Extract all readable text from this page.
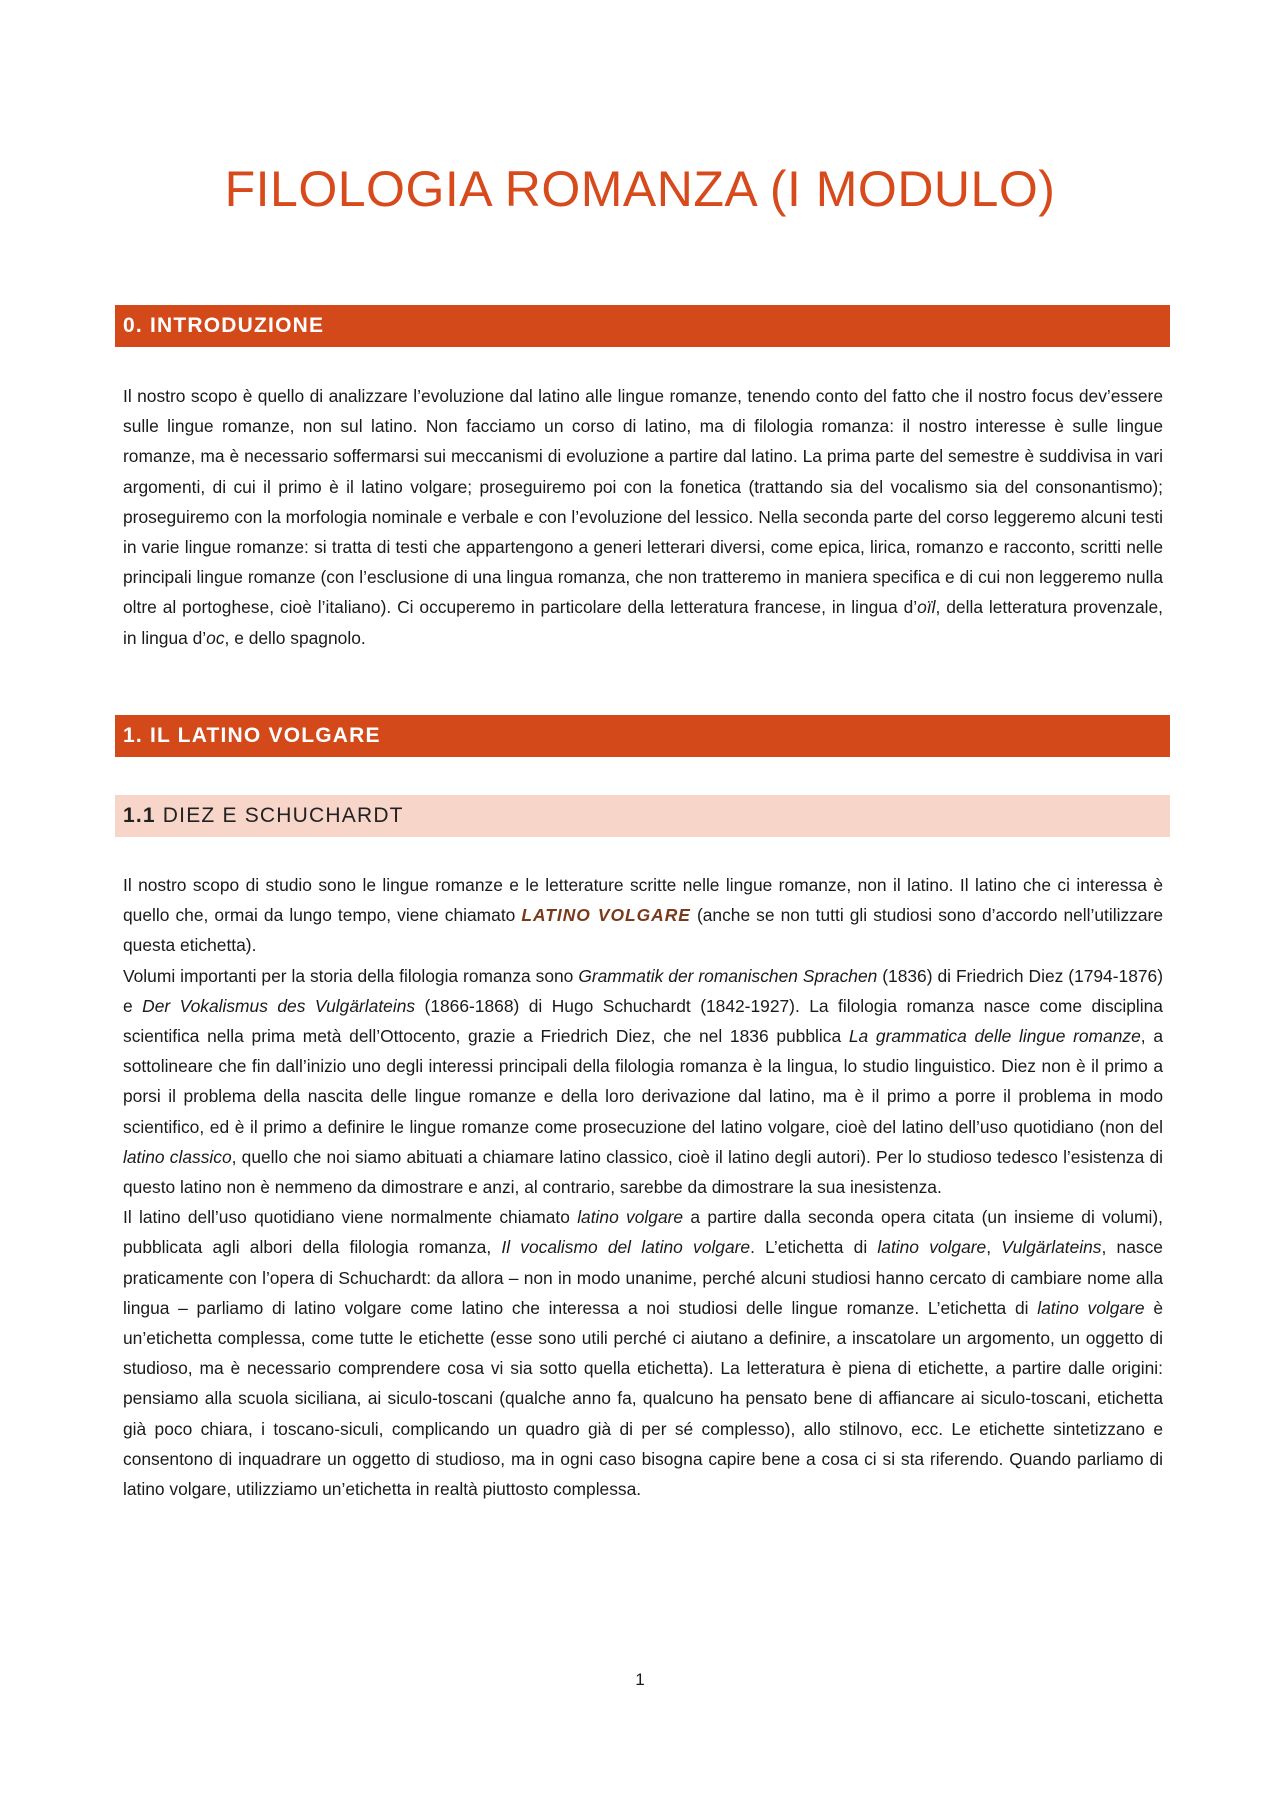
FILOLOGIA ROMANZA (I MODULO)
0. INTRODUZIONE

Il nostro scopo è quello di analizzare l’evoluzione dal latino alle lingue romanze, tenendo conto del fatto che il nostro focus dev’essere sulle lingue romanze, non sul latino. Non facciamo un corso di latino, ma di filologia romanza: il nostro interesse è sulle lingue romanze, ma è necessario soffermarsi sui meccanismi di evoluzione a partire dal latino. La prima parte del semestre è suddivisa in vari argomenti, di cui il primo è il latino volgare; proseguiremo poi con la fonetica (trattando sia del vocalismo sia del consonantismo); proseguiremo con la morfologia nominale e verbale e con l’evoluzione del lessico. Nella seconda parte del corso leggeremo alcuni testi in varie lingue romanze: si tratta di testi che appartengono a generi letterari diversi, come epica, lirica, romanzo e racconto, scritti nelle principali lingue romanze (con l’esclusione di una lingua romanza, che non tratteremo in maniera specifica e di cui non leggeremo nulla oltre al portoghese, cioè l’italiano). Ci occuperemo in particolare della letteratura francese, in lingua d’oïl, della letteratura provenzale, in lingua d’oc, e dello spagnolo.

1. IL LATINO VOLGARE
1.1 DIEZ E SCHUCHARDT

Il nostro scopo di studio sono le lingue romanze e le letterature scritte nelle lingue romanze, non il latino. Il latino che ci interessa è quello che, ormai da lungo tempo, viene chiamato LATINO VOLGARE (anche se non tutti gli studiosi sono d’accordo nell’utilizzare questa etichetta).

Volumi importanti per la storia della filologia romanza sono Grammatik der romanischen Sprachen (1836) di Friedrich Diez (1794-1876) e Der Vokalismus des Vulgärlateins (1866-1868) di Hugo Schuchardt (1842-1927). La filologia romanza nasce come disciplina scientifica nella prima metà dell’Ottocento, grazie a Friedrich Diez, che nel 1836 pubblica La grammatica delle lingue romanze, a sottolineare che fin dall’inizio uno degli interessi principali della filologia romanza è la lingua, lo studio linguistico. Diez non è il primo a porsi il problema della nascita delle lingue romanze e della loro derivazione dal latino, ma è il primo a porre il problema in modo scientifico, ed è il primo a definire le lingue romanze come prosecuzione del latino volgare, cioè del latino dell’uso quotidiano (non del latino classico, quello che noi siamo abituati a chiamare latino classico, cioè il latino degli autori). Per lo studioso tedesco l’esistenza di questo latino non è nemmeno da dimostrare e anzi, al contrario, sarebbe da dimostrare la sua inesistenza.

Il latino dell’uso quotidiano viene normalmente chiamato latino volgare a partire dalla seconda opera citata (un insieme di volumi), pubblicata agli albori della filologia romanza, Il vocalismo del latino volgare. L’etichetta di latino volgare, Vulgärlateins, nasce praticamente con l’opera di Schuchardt: da allora – non in modo unanime, perché alcuni studiosi hanno cercato di cambiare nome alla lingua – parliamo di latino volgare come latino che interessa a noi studiosi delle lingue romanze. L’etichetta di latino volgare è un’etichetta complessa, come tutte le etichette (esse sono utili perché ci aiutano a definire, a inscatolare un argomento, un oggetto di studioso, ma è necessario comprendere cosa vi sia sotto quella etichetta). La letteratura è piena di etichette, a partire dalle origini: pensiamo alla scuola siciliana, ai siculo-toscani (qualche anno fa, qualcuno ha pensato bene di affiancare ai siculo-toscani, etichetta già poco chiara, i toscano-siculi, complicando un quadro già di per sé complesso), allo stilnovo, ecc. Le etichette sintetizzano e consentono di inquadrare un oggetto di studioso, ma in ogni caso bisogna capire bene a cosa ci si sta riferendo. Quando parliamo di latino volgare, utilizziamo un’etichetta in realtà piuttosto complessa.

1
